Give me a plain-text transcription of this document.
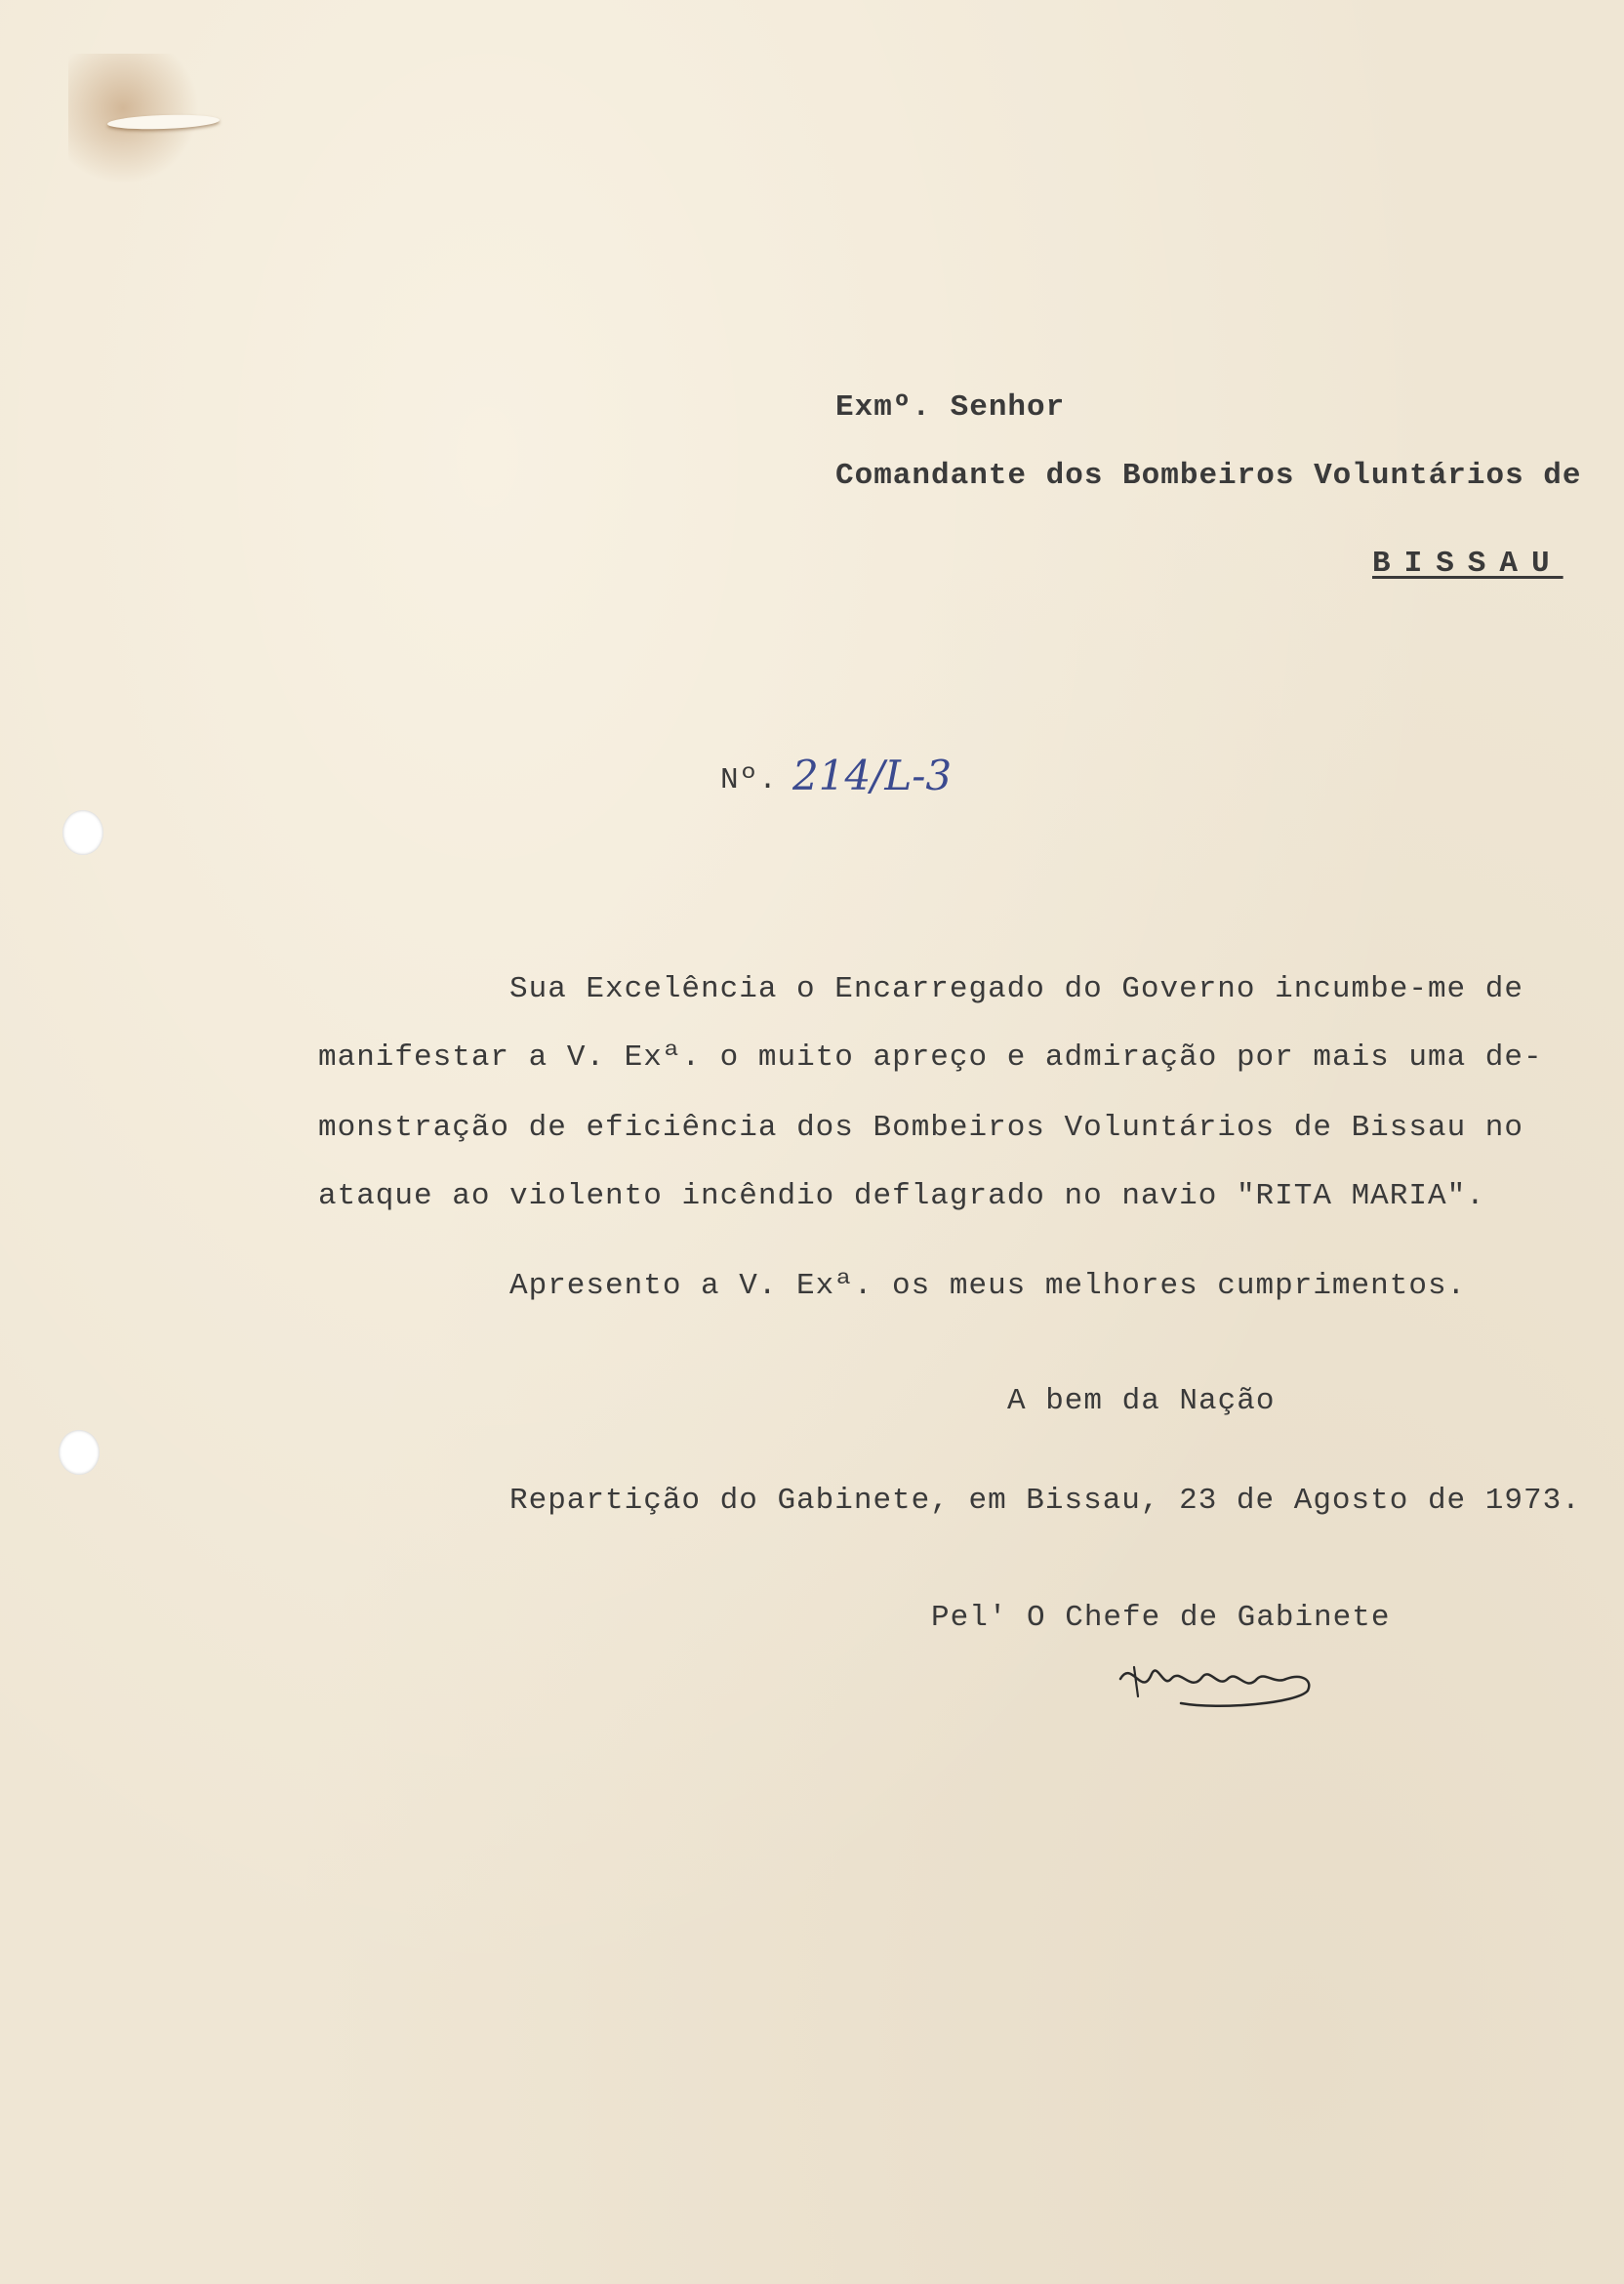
Exmº. Senhor
Comandante dos Bombeiros Voluntários de
BISSAU
Nº. 214/L-3
Sua Excelência o Encarregado do Governo incumbe-me de
manifestar a V. Exª. o muito apreço e admiração por mais uma de-
monstração de eficiência dos Bombeiros Voluntários de Bissau no
ataque ao violento incêndio deflagrado no navio "RITA MARIA".
Apresento a V. Exª. os meus melhores cumprimentos.
A bem da Nação
Repartição do Gabinete, em Bissau, 23 de Agosto de 1973.
Pel' O Chefe de Gabinete
